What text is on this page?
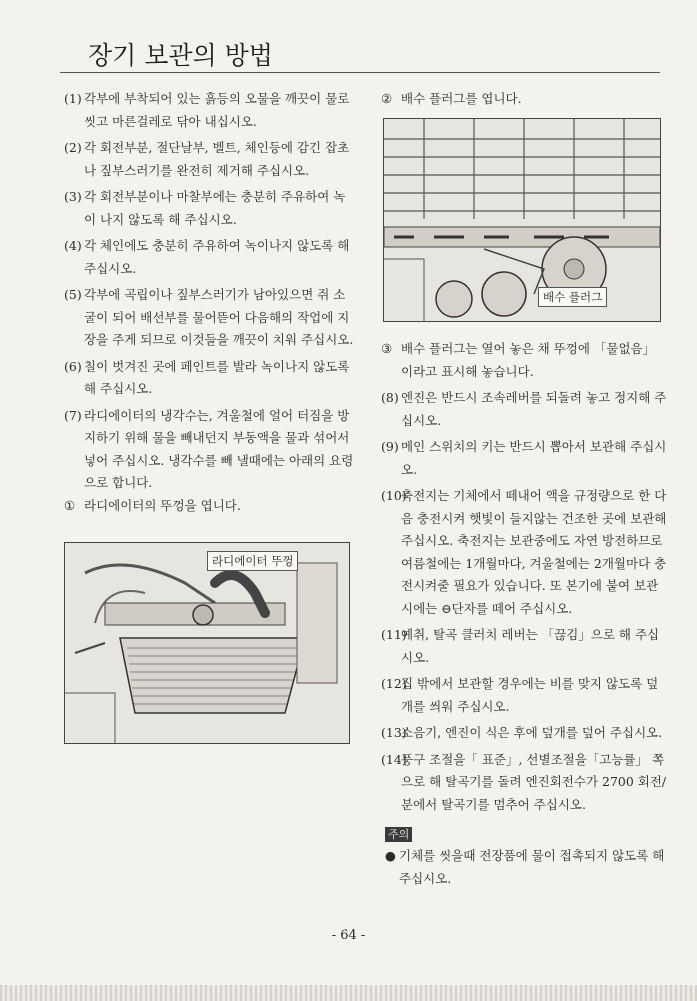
장기 보관의 방법
(1) 각부에 부착되어 있는 흙등의 오물을 깨끗이 물로 씻고 마른걸레로 닦아 내십시오.
(2) 각 회전부분, 절단날부, 벨트, 체인등에 감긴 잡초나 짚부스러기를 완전히 제거해 주십시오.
(3) 각 회전부분이나 마찰부에는 충분히 주유하여 녹이 나지 않도록 해 주십시오.
(4) 각 체인에도 충분히 주유하여 녹이나지 않도록 해 주십시오.
(5) 각부에 곡립이나 짚부스러기가 남아있으면 쥐 소굴이 되어 배선부를 물어뜯어 다음해의 작업에 지장을 주게 되므로 이것들을 깨끗이 치워 주십시오.
(6) 칠이 벗겨진 곳에 페인트를 발라 녹이나지 않도록 해 주십시오.
(7) 라디에이터의 냉각수는, 겨울철에 얼어 터짐을 방지하기 위해 물을 빼내던지 부동액을 물과 섞어서 넣어 주십시오. 냉각수를 빼 낼때에는 아래의 요령으로 합니다.
① 라디에이터의 뚜껑을 엽니다.
라디에이터 뚜껑
② 배수 플러그를 엽니다.
배수 플러그
③ 배수 플러그는 열어 놓은 채 뚜껑에 「물없음」 이라고 표시해 놓습니다.
(8) 엔진은 반드시 조속레버를 되돌려 놓고 정지해 주십시오.
(9) 메인 스위치의 키는 반드시 뽑아서 보관해 주십시오.
(10)
축전지는 기체에서 떼내어 액을 규정량으로 한 다음 충전시켜 햇빛이 들지않는 건조한 곳에 보관해 주십시오. 축전지는 보관중에도 자연 방전하므로 여름철에는 1개월마다, 겨울철에는 2개월마다 충전시켜줄 필요가 있습니다. 또 본기에 붙여 보관시에는 ⊖단자를 떼어 주십시오.
(11)
예취, 탈곡 클러치 레버는 「끊김」으로 해 주십시오.
(12)
집 밖에서 보관할 경우에는 비를 맞지 않도록 덮개를 씌워 주십시오.
(13)
소음기, 엔진이 식은 후에 덮개를 덮어 주십시오.
(14)
풍구 조절을「 표준」, 선별조절을「고능률」 쪽으로 해 탈곡기를 돌려 엔진회전수가 2700 회전/분에서 탈곡기를 멈추어 주십시오.
주의
● 기체를 씻을때 전장품에 물이 접촉되지 않도록 해 주십시오.
- 64 -
